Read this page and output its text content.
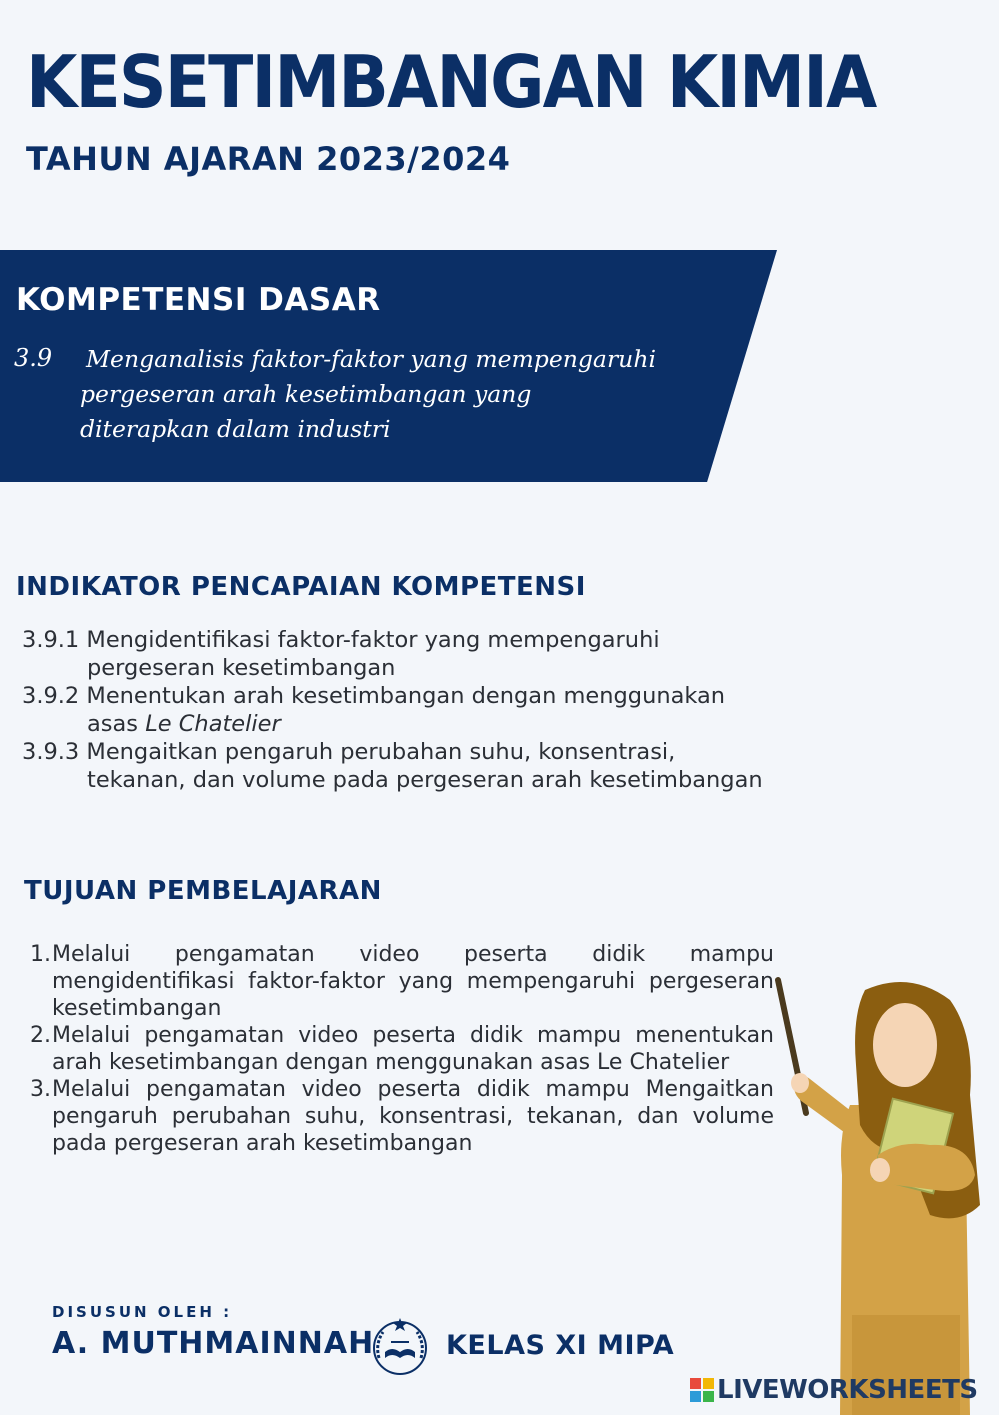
KESETIMBANGAN KIMIA
TAHUN AJARAN 2023/2024
KOMPETENSI DASAR
3.9 Menganalisis faktor-faktor yang mempengaruhi
pergeseran arah kesetimbangan yang
diterapkan dalam industri
INDIKATOR PENCAPAIAN KOMPETENSI

3.9.1 Mengidentifikasi faktor-faktor yang mempengaruhi
pergeseran kesetimbangan

3.9.2 Menentukan arah kesetimbangan dengan menggunakan
asas Le Chatelier

3.9.3 Mengaitkan pengaruh perubahan suhu, konsentrasi,
tekanan, dan volume pada pergeseran arah kesetimbangan

TUJUAN PEMBELAJARAN

1. Melalui pengamatan video peserta didik mampu mengidentifikasi faktor-faktor yang mempengaruhi pergeseran kesetimbangan

2. Melalui pengamatan video peserta didik mampu menentukan arah kesetimbangan dengan menggunakan asas Le Chatelier

3. Melalui pengamatan video peserta didik mampu Mengaitkan pengaruh perubahan suhu, konsentrasi, tekanan, dan volume pada pergeseran arah kesetimbangan

DISUSUN OLEH :
A. MUTHMAINNAH	KELAS XI MIPA
LIVEWORKSHEETS
